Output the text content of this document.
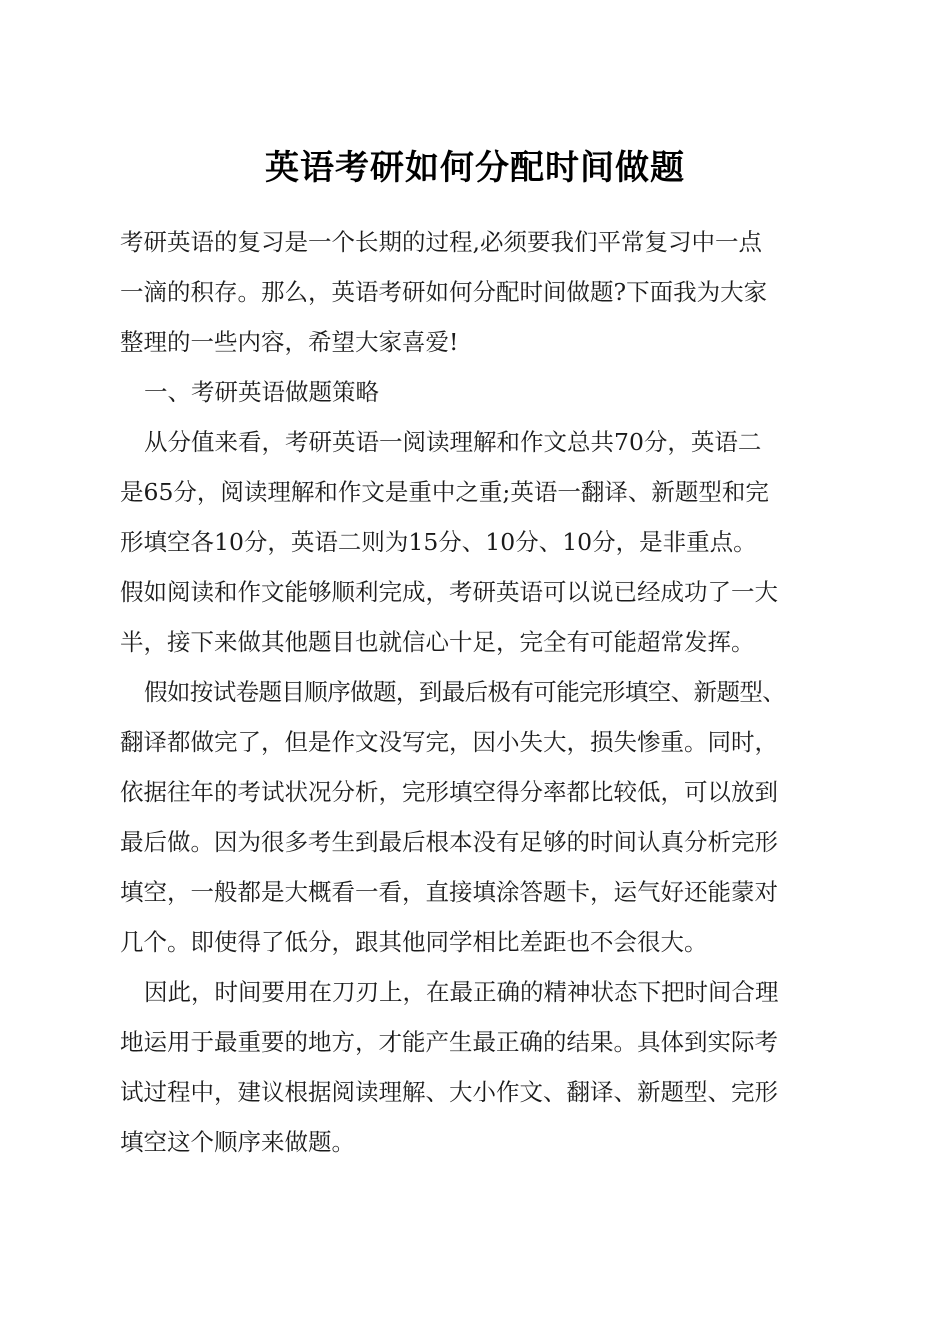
英语考研如何分配时间做题
考研英语的复习是一个长期的过程,必须要我们平常复习中一点
一滴的积存。那么，英语考研如何分配时间做题?下面我为大家
整理的一些内容，希望大家喜爱!
一、考研英语做题策略
从分值来看，考研英语一阅读理解和作文总共70分，英语二
是65分，阅读理解和作文是重中之重;英语一翻译、新题型和完
形填空各10分，英语二则为15分、10分、10分，是非重点。
假如阅读和作文能够顺利完成，考研英语可以说已经成功了一大
半，接下来做其他题目也就信心十足，完全有可能超常发挥。
假如按试卷题目顺序做题，到最后极有可能完形填空、新题型、
翻译都做完了，但是作文没写完，因小失大，损失惨重。同时，
依据往年的考试状况分析，完形填空得分率都比较低，可以放到
最后做。因为很多考生到最后根本没有足够的时间认真分析完形
填空，一般都是大概看一看，直接填涂答题卡，运气好还能蒙对
几个。即使得了低分，跟其他同学相比差距也不会很大。
因此，时间要用在刀刃上，在最正确的精神状态下把时间合理
地运用于最重要的地方，才能产生最正确的结果。具体到实际考
试过程中，建议根据阅读理解、大小作文、翻译、新题型、完形
填空这个顺序来做题。
